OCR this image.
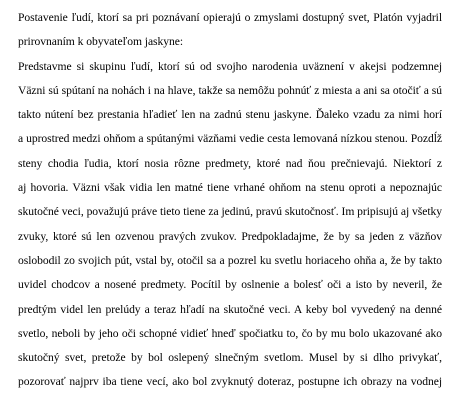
Postavenie ľudí, ktorí sa pri poznávaní opierajú o zmyslami dostupný svet, Platón vyjadril
prirovnaním k obyvateľom jaskyne:
Predstavme si skupinu ľudí, ktorí sú od svojho narodenia uväznení v akejsi podzemnej
Väzni sú spútaní na nohách i na hlave, takže sa nemôžu pohnúť z miesta a ani sa otočiť a sú
takto nútení bez prestania hľadieť len na zadnú stenu jaskyne. Ďaleko vzadu za nimi horí
a uprostred medzi ohňom a spútanými väzňami vedie cesta lemovaná nízkou stenou. Pozdĺž
steny chodia ľudia, ktorí nosia rôzne predmety, ktoré nad ňou prečnievajú. Niektorí z
aj hovoria. Väzni však vidia len matné tiene vrhané ohňom na stenu oproti a nepoznajúc
skutočné veci, považujú práve tieto tiene za jedinú, pravú skutočnosť. Im pripisujú aj všetky
zvuky, ktoré sú len ozvenou pravých zvukov. Predpokladajme, že by sa jeden z väzňov
oslobodil zo svojich pút, vstal by, otočil sa a pozrel ku svetlu horiaceho ohňa a, že by takto
uvidel chodcov a nosené predmety. Pocítil by oslnenie a bolesť oči a isto by neveril, že
predtým videl len prelúdy a teraz hľadí na skutočné veci. A keby bol vyvedený na denné
svetlo, neboli by jeho oči schopné vidieť hneď spočiatku to, čo by mu bolo ukazované ako
skutočný svet, pretože by bol oslepený slnečným svetlom. Musel by si dlho privykať,
pozorovať najprv iba tiene vecí, ako bol zvyknutý doteraz, postupne ich obrazy na vodnej
